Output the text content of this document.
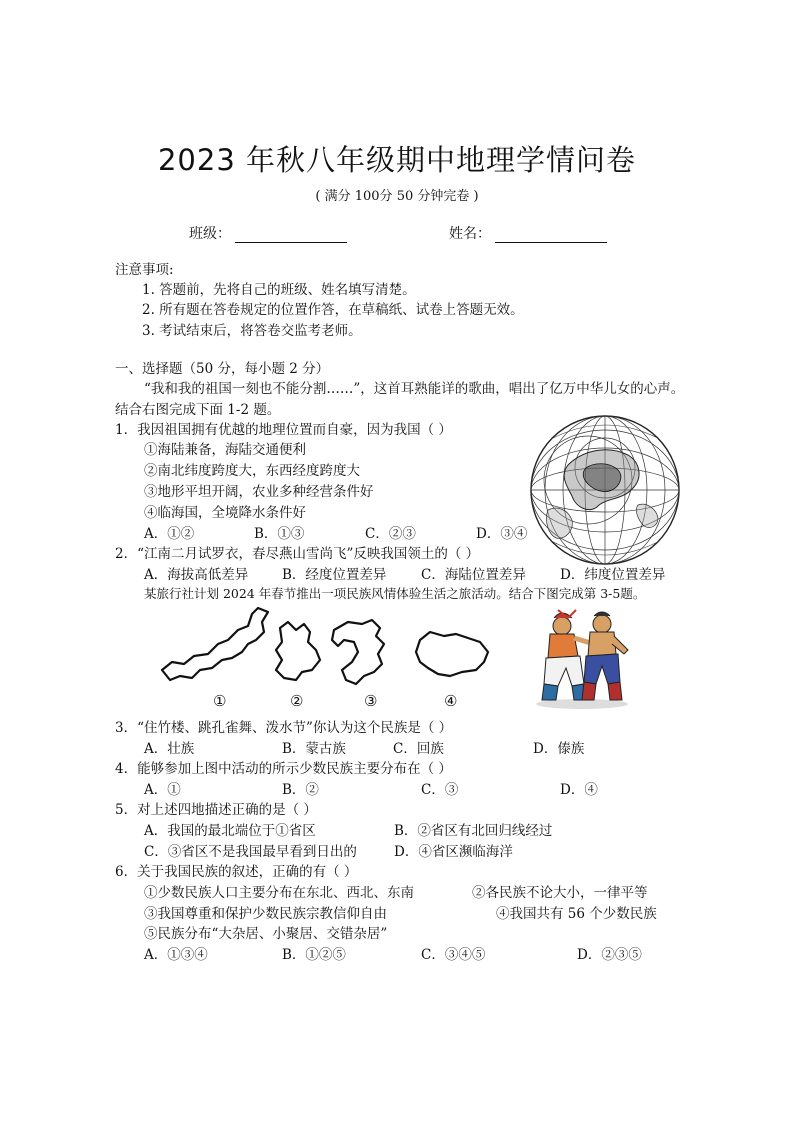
2023 年秋八年级期中地理学情问卷
( 满分 100分 50 分钟完卷 )
班级：	姓名：
注意事项:
1. 答题前，先将自己的班级、姓名填写清楚。
2. 所有题在答卷规定的位置作答，在草稿纸、试卷上答题无效。
3. 考试结束后，将答卷交监考老师。
一、选择题（50 分，每小题 2 分）
“我和我的祖国一刻也不能分割……”，这首耳熟能详的歌曲，唱出了亿万中华儿女的心声。
结合右图完成下面 1-2 题。
1．我因祖国拥有优越的地理位置而自豪，因为我国（ ）
①海陆兼备，海陆交通便利
②南北纬度跨度大，东西经度跨度大
③地形平坦开阔，农业多种经营条件好
④临海国，全境降水条件好
A．①②	B．①③	C．②③	D．③④
2．“江南二月试罗衣，春尽燕山雪尚飞”反映我国领土的（ ）
A．海拔高低差异	B．经度位置差异	C．海陆位置差异	D．纬度位置差异
某旅行社计划 2024 年春节推出一项民族风情体验生活之旅活动。结合下图完成第 3-5题。
①	②	③	④
3．“住竹楼、跳孔雀舞、泼水节”你认为这个民族是（ ）
A．壮族	B．蒙古族	C．回族	D．傣族
4．能够参加上图中活动的所示少数民族主要分布在（ ）
A．①	B．②	C．③	D．④
5．对上述四地描述正确的是（ ）
A．我国的最北端位于①省区	B．②省区有北回归线经过
C．③省区不是我国最早看到日出的	D．④省区濒临海洋
6．关于我国民族的叙述，正确的有（ ）
①少数民族人口主要分布在东北、西北、东南	②各民族不论大小，一律平等
③我国尊重和保护少数民族宗教信仰自由	④我国共有 56 个少数民族
⑤民族分布“大杂居、小聚居、交错杂居”
A．①③④	B．①②⑤	C．③④⑤	D．②③⑤
